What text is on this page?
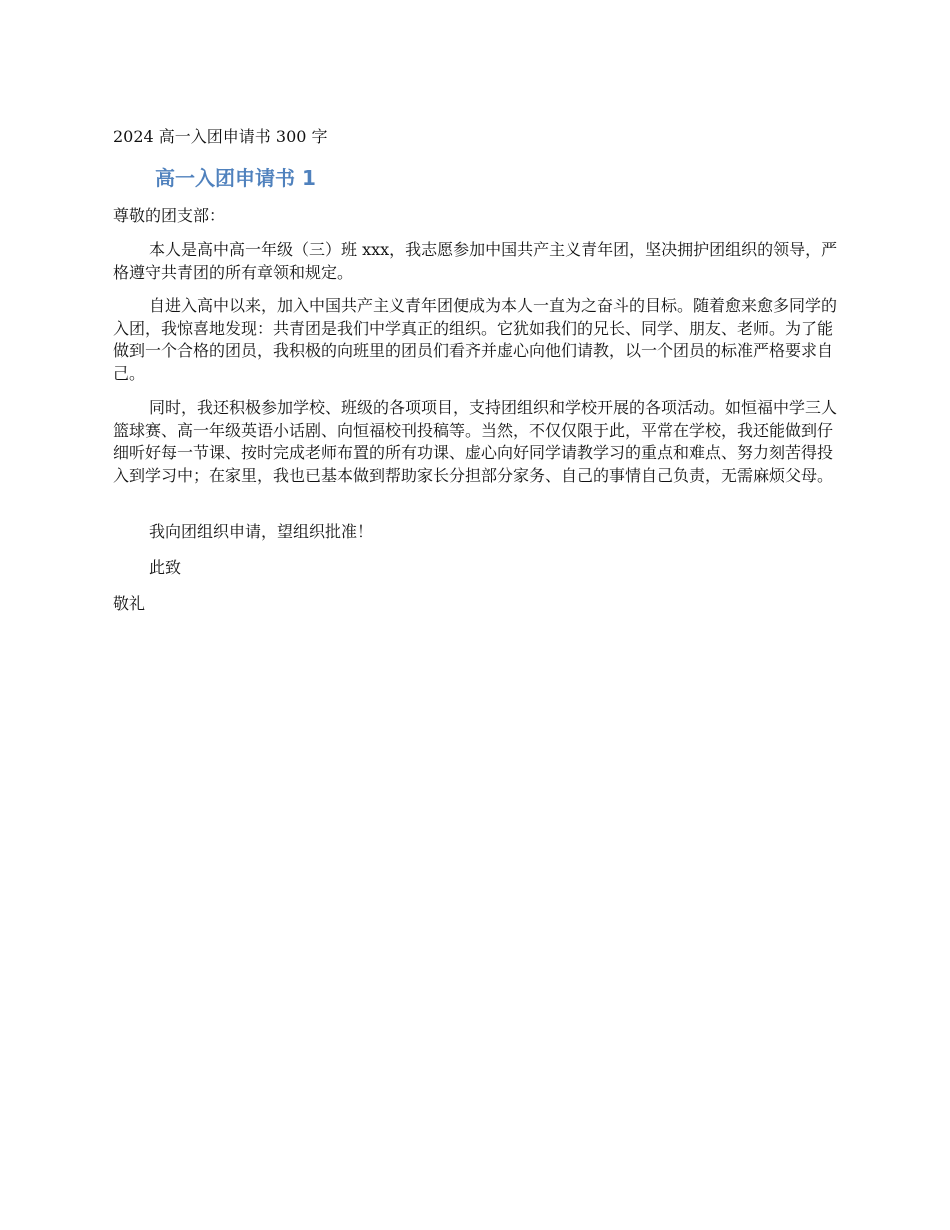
2024 高一入团申请书 300 字
高一入团申请书 1

尊敬的团支部：

本人是高中高一年级（三）班 xxx，我志愿参加中国共产主义青年团，坚决拥护团组织的领导，严格遵守共青团的所有章领和规定。

自进入高中以来，加入中国共产主义青年团便成为本人一直为之奋斗的目标。随着愈来愈多同学的入团，我惊喜地发现：共青团是我们中学真正的组织。它犹如我们的兄长、同学、朋友、老师。为了能做到一个合格的团员，我积极的向班里的团员们看齐并虚心向他们请教，以一个团员的标准严格要求自己。

同时，我还积极参加学校、班级的各项项目，支持团组织和学校开展的各项活动。如恒福中学三人篮球赛、高一年级英语小话剧、向恒福校刊投稿等。当然，不仅仅限于此，平常在学校，我还能做到仔细听好每一节课、按时完成老师布置的所有功课、虚心向好同学请教学习的重点和难点、努力刻苦得投入到学习中；在家里，我也已基本做到帮助家长分担部分家务、自己的事情自己负责，无需麻烦父母。

我向团组织申请，望组织批准！

此致

敬礼
